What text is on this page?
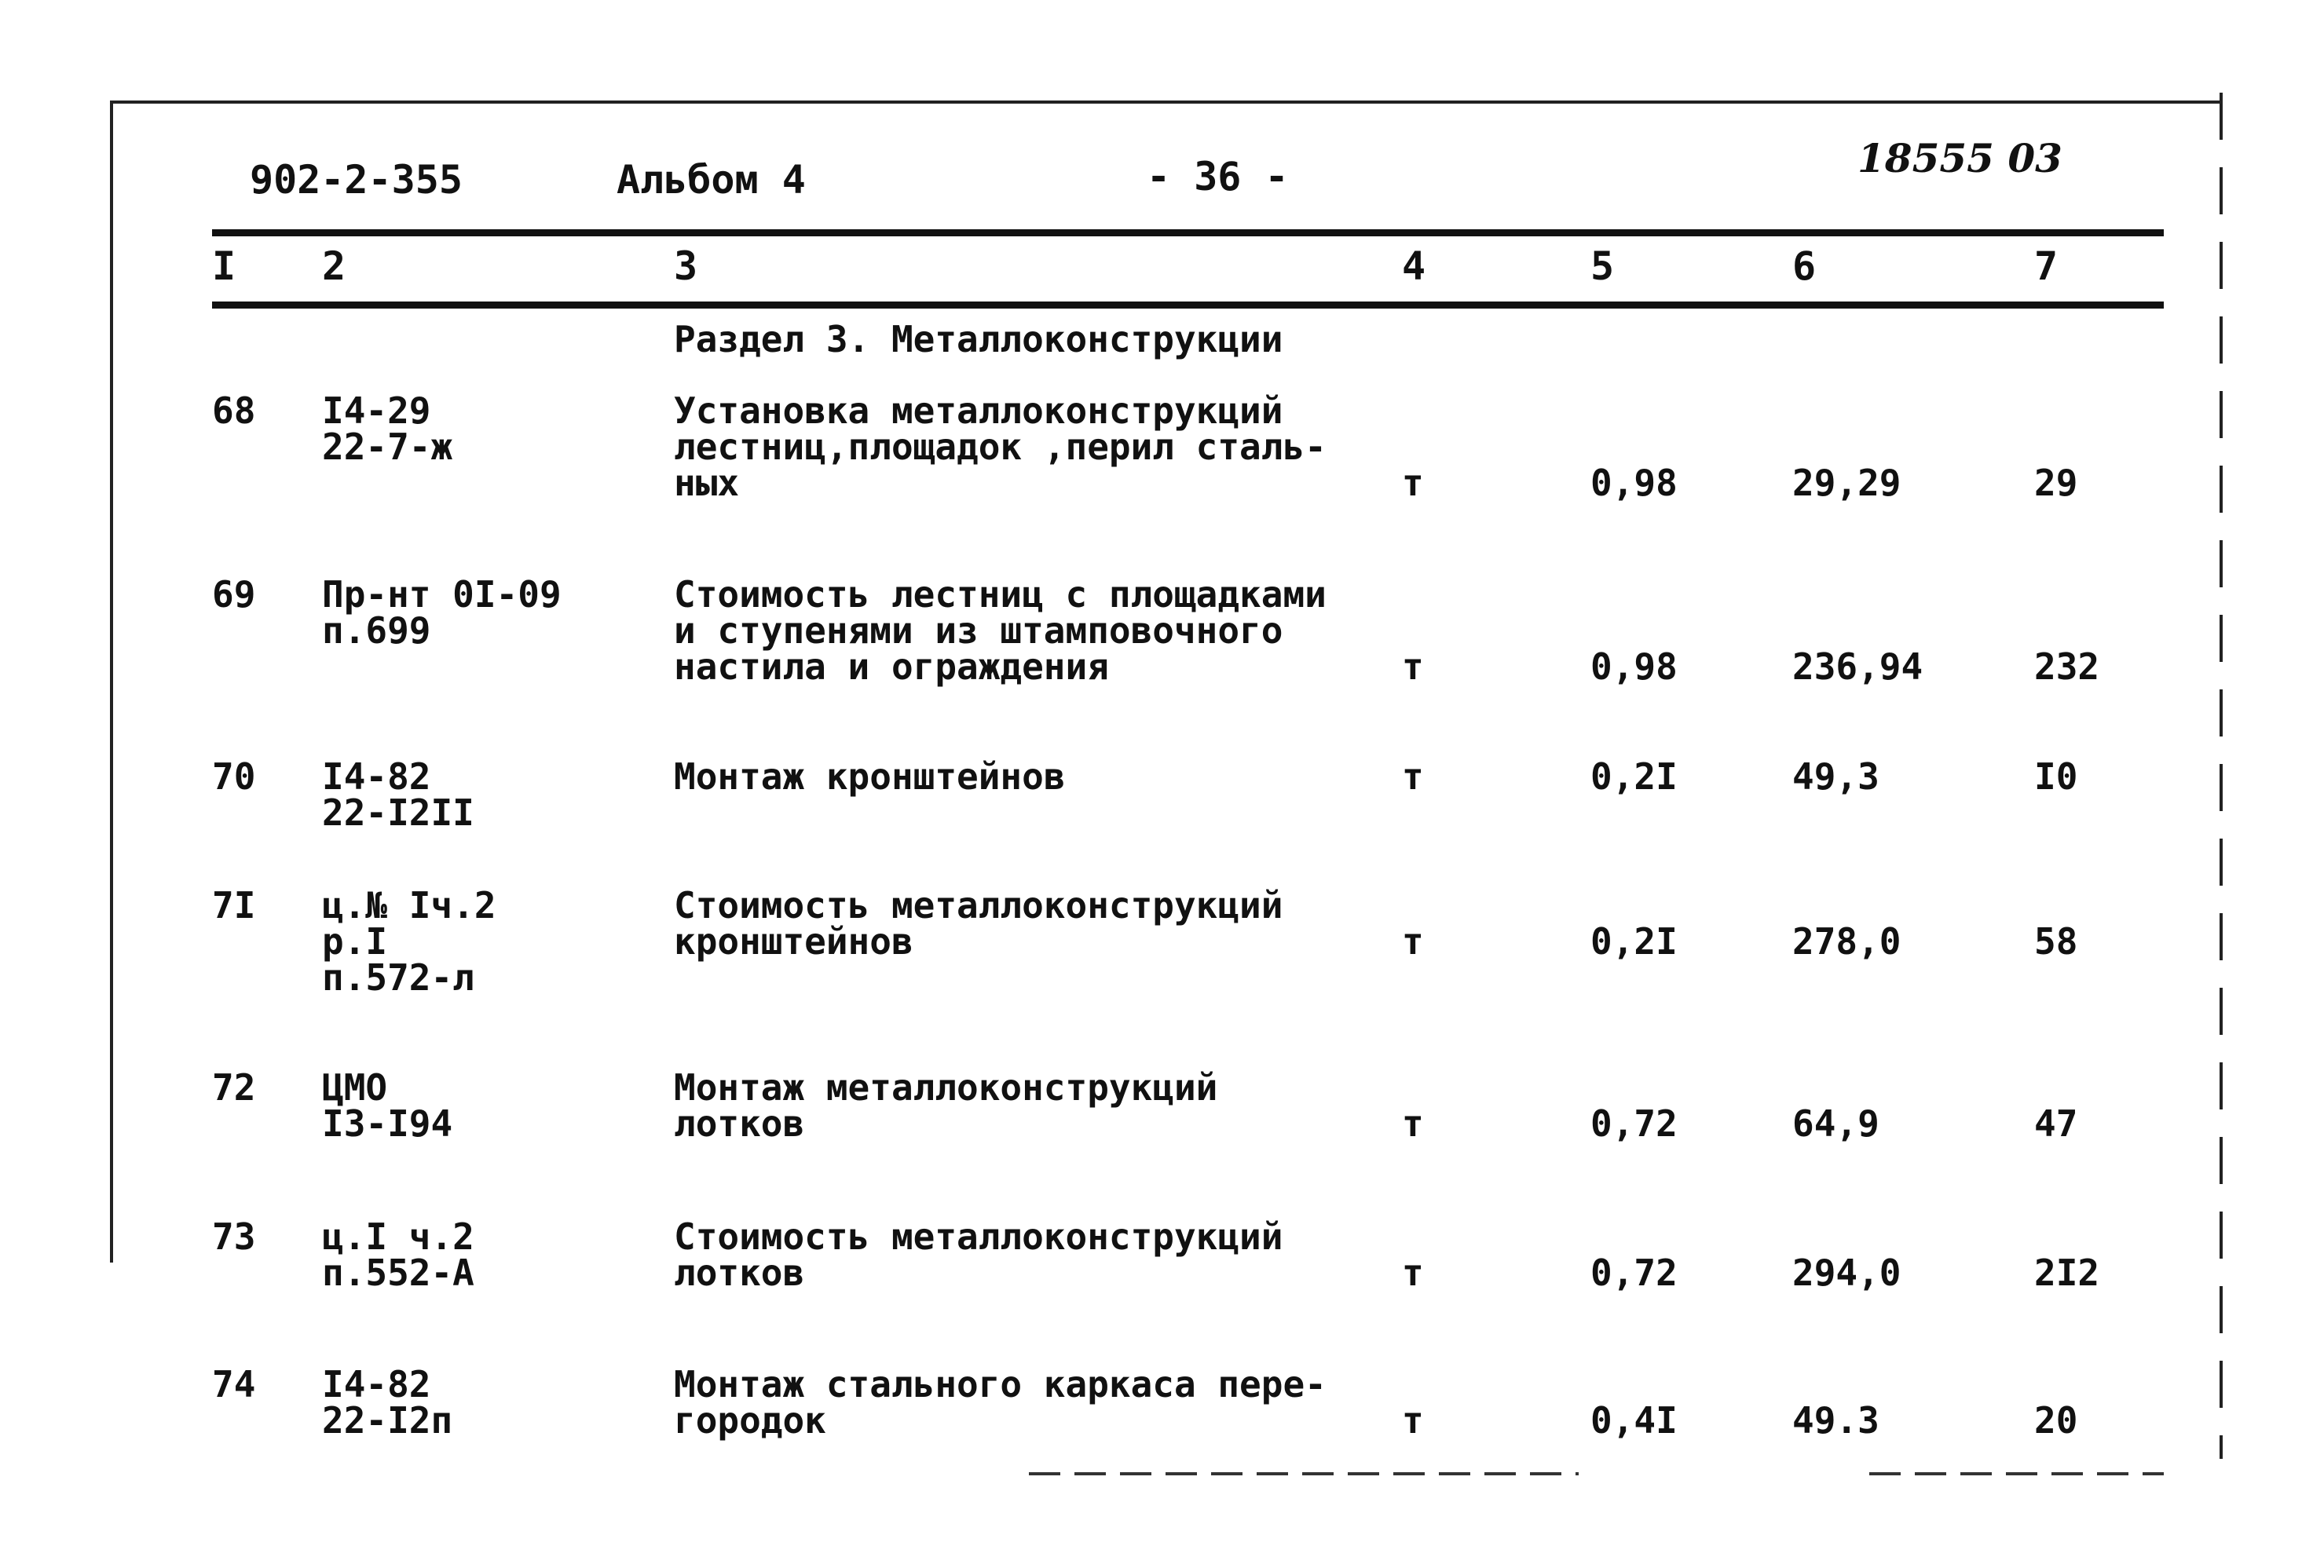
902-2-355	Альбом 4	- 36 -	18555 03
I 2	3	4	5	6	7
Раздел 3. Металлоконструкции
68 I4-29
22-7-ж
Установка металлоконструкций
лестниц,площадок ,перил сталь-
ных	т	0,98	29,29	29
69 Пр-нт 0I-09
п.699
Стоимость лестниц с площадками
и ступенями из штамповочного
настила и ограждения	т	0,98	236,94	232
70 I4-82
22-I2II
Монтаж кронштейнов	т	0,2I	49,3	I0
7I ц.№ Iч.2
р.I
п.572-л
Стоимость металлоконструкций
кронштейнов	т	0,2I	278,0	58
72 ЦМО
I3-I94
Монтаж металлоконструкций
лотков	т	0,72	64,9	47
73 ц.I ч.2
п.552-А
Стоимость металлоконструкций
лотков	т	0,72	294,0	2I2
74 I4-82
22-I2п
Монтаж стального каркаса пере-
городок	т	0,4I	49.3	20
